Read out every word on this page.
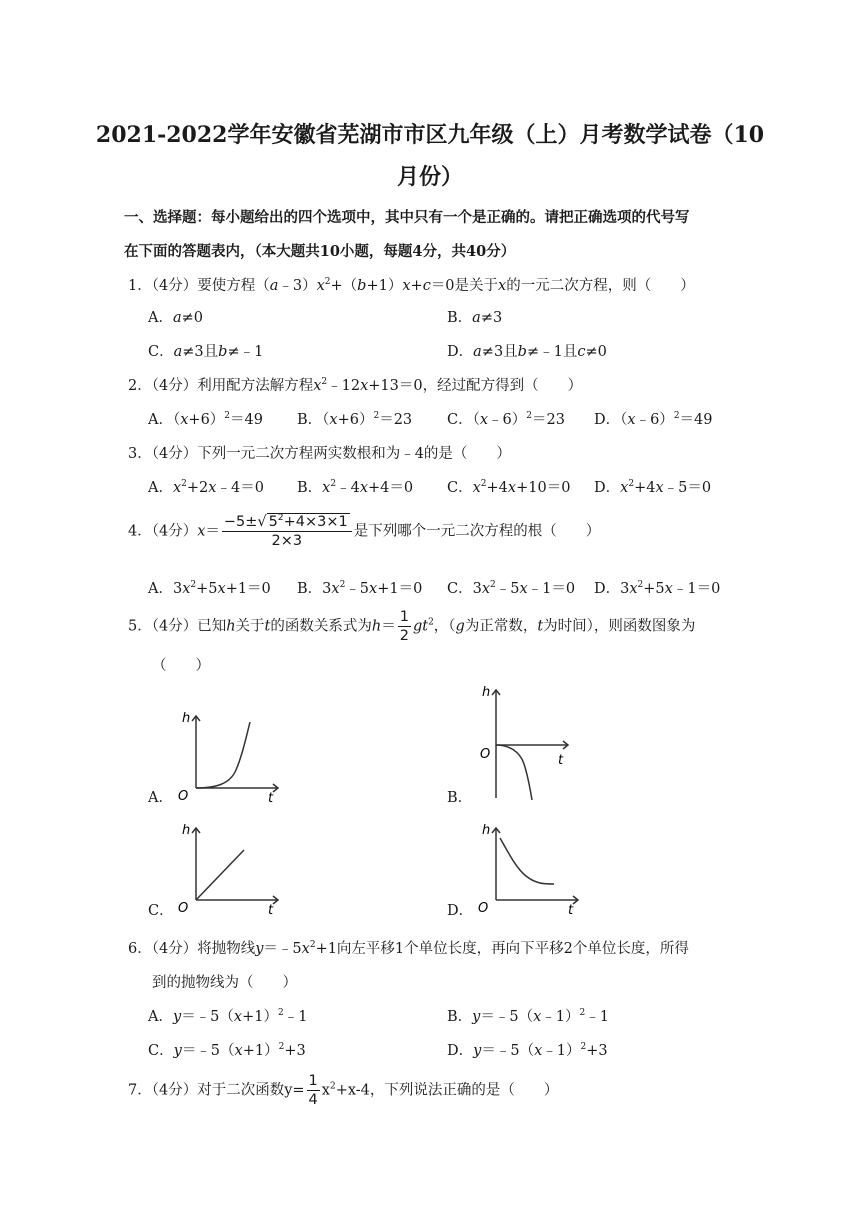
2021-2022学年安徽省芜湖市市区九年级（上）月考数学试卷（10
月份）
一、选择题：每小题给出的四个选项中，其中只有一个是正确的。请把正确选项的代号写
在下面的答题表内，（本大题共10小题，每题4分，共40分）
1．（4分）要使方程$(a﹣3)x^2+(b+1)x+c=0$是关于x的一元二次方程，则（　　）
A．a≠0	B．a≠3
C．a≠3且b≠﹣1	D．a≠3且b≠﹣1且c≠0
2．（4分）利用配方法解方程$x^2﹣12x+13=0$，经过配方得到（　　）
A．$(x+6)^2=49$ B．$(x+6)^2=23$ C．（x﹣6）$^2$＝23 D．（x﹣6）$^2$＝49
3．（4分）下列一元二次方程两实数根和为﹣4的是（　　）
A．$x^2+2x﹣4=0$ B．$x^2﹣4x+4=0$ C．$x^2+4x+10=0$ D．$x^2+4x﹣5=0$
4．（4分）$x= \frac{-5\pm√ 5^2+4\times 3\times 1}{2\times 3}$ 是下列哪个一元二次方程的根（　　）
A．$3x^2+5x+1=0$ B．$3x^2﹣5x+1=0$ C．$3x^2﹣5x﹣1=0$ D．$3x^2+5x﹣1=0$
5．（4分）已知h关于t的函数关系式为$h= \frac{1}{2} gt^2$，（g为正常数，t为时间），则函数图象为
（　　）
A．
h
O	t	B．
h
O	t
C．
h
O	t	D．
h
O	t
6．（4分）将抛物线$y=﹣5x^2+1$向左平移1个单位长度，再向下平移2个单位长度，所得
到的抛物线为（　　）
A．$y=﹣5(x+1)^2﹣1$	B．y＝﹣5（x﹣1）$^2$﹣1
C．$y=﹣5(x+1)^2+3$	D．y＝﹣5（x﹣1）$^2$+3
7．（4分）对于二次函数$y= \frac{1}{4} x^2+x-4$，下列说法正确的是（　　）
